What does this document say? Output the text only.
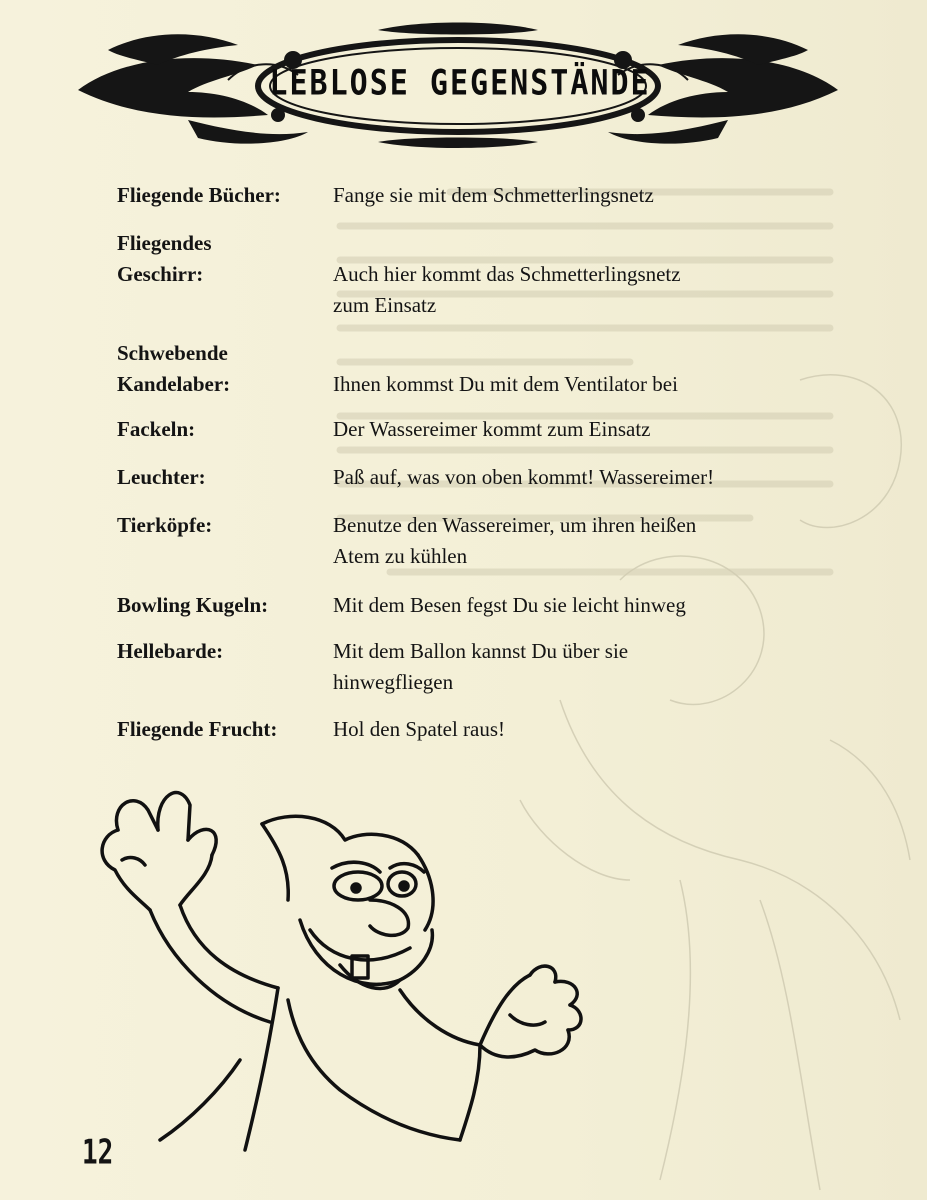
LEBLOSE GEGENSTÄNDE
Fliegende Bücher:	Fange sie mit dem Schmetterlingsnetz
Fliegendes
Geschirr:	Auch hier kommt das Schmetterlingsnetz
zum Einsatz
Schwebende
Kandelaber:	Ihnen kommst Du mit dem Ventilator bei
Fackeln:	Der Wassereimer kommt zum Einsatz
Leuchter:	Paß auf, was von oben kommt! Wassereimer!
Tierköpfe:	Benutze den Wassereimer, um ihren heißen
Atem zu kühlen
Bowling Kugeln:	Mit dem Besen fegst Du sie leicht hinweg
Hellebarde:	Mit dem Ballon kannst Du über sie
hinwegfliegen
Fliegende Frucht:	Hol den Spatel raus!
12
